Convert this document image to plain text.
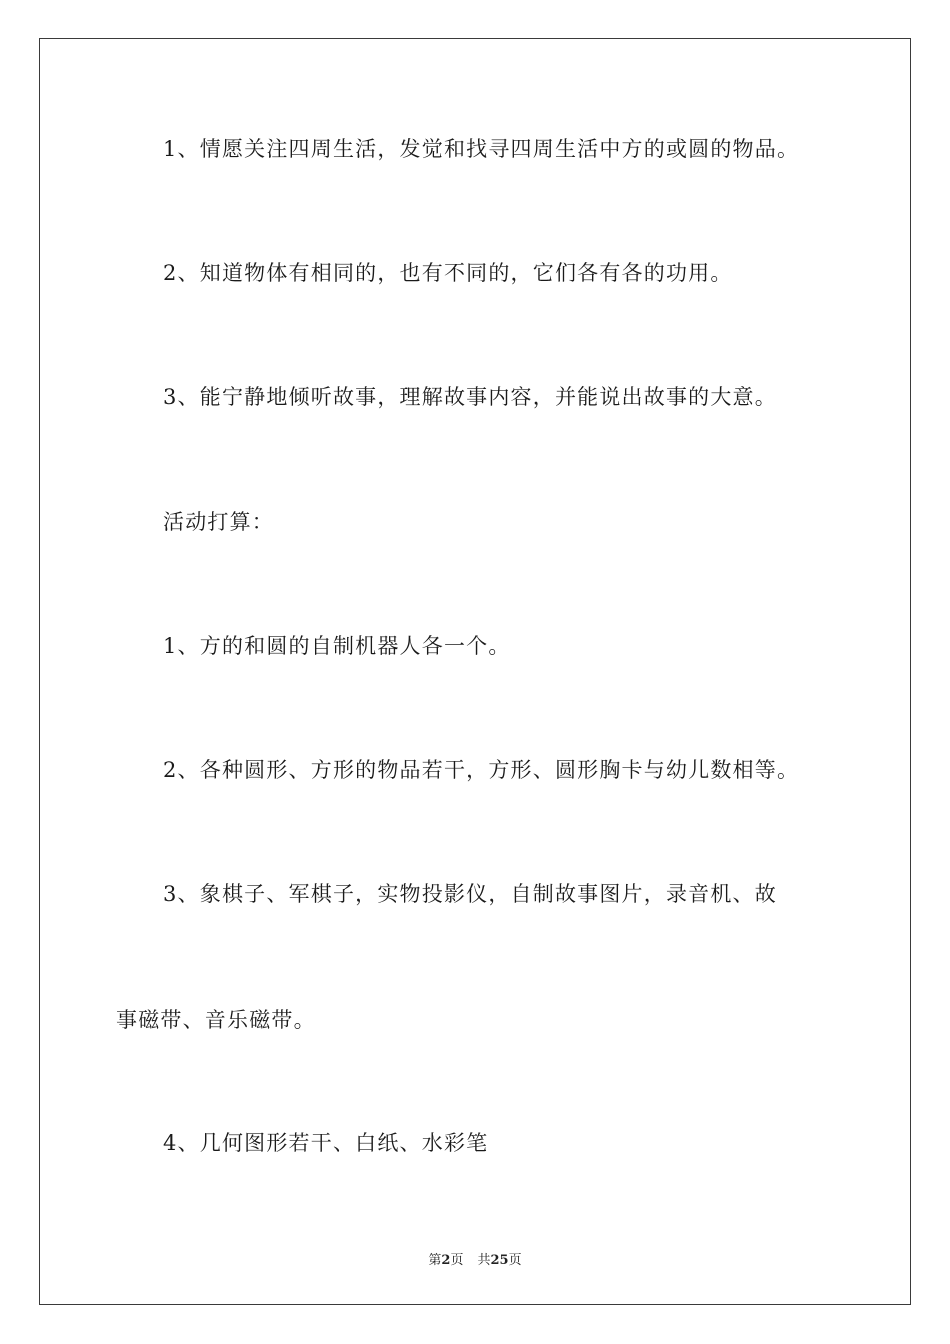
1、情愿关注四周生活，发觉和找寻四周生活中方的或圆的物品。

2、知道物体有相同的，也有不同的，它们各有各的功用。

3、能宁静地倾听故事，理解故事内容，并能说出故事的大意。

活动打算：

1、方的和圆的自制机器人各一个。

2、各种圆形、方形的物品若干，方形、圆形胸卡与幼儿数相等。

3、象棋子、军棋子，实物投影仪，自制故事图片，录音机、故

事磁带、音乐磁带。

4、几何图形若干、白纸、水彩笔

第2页 共25页
